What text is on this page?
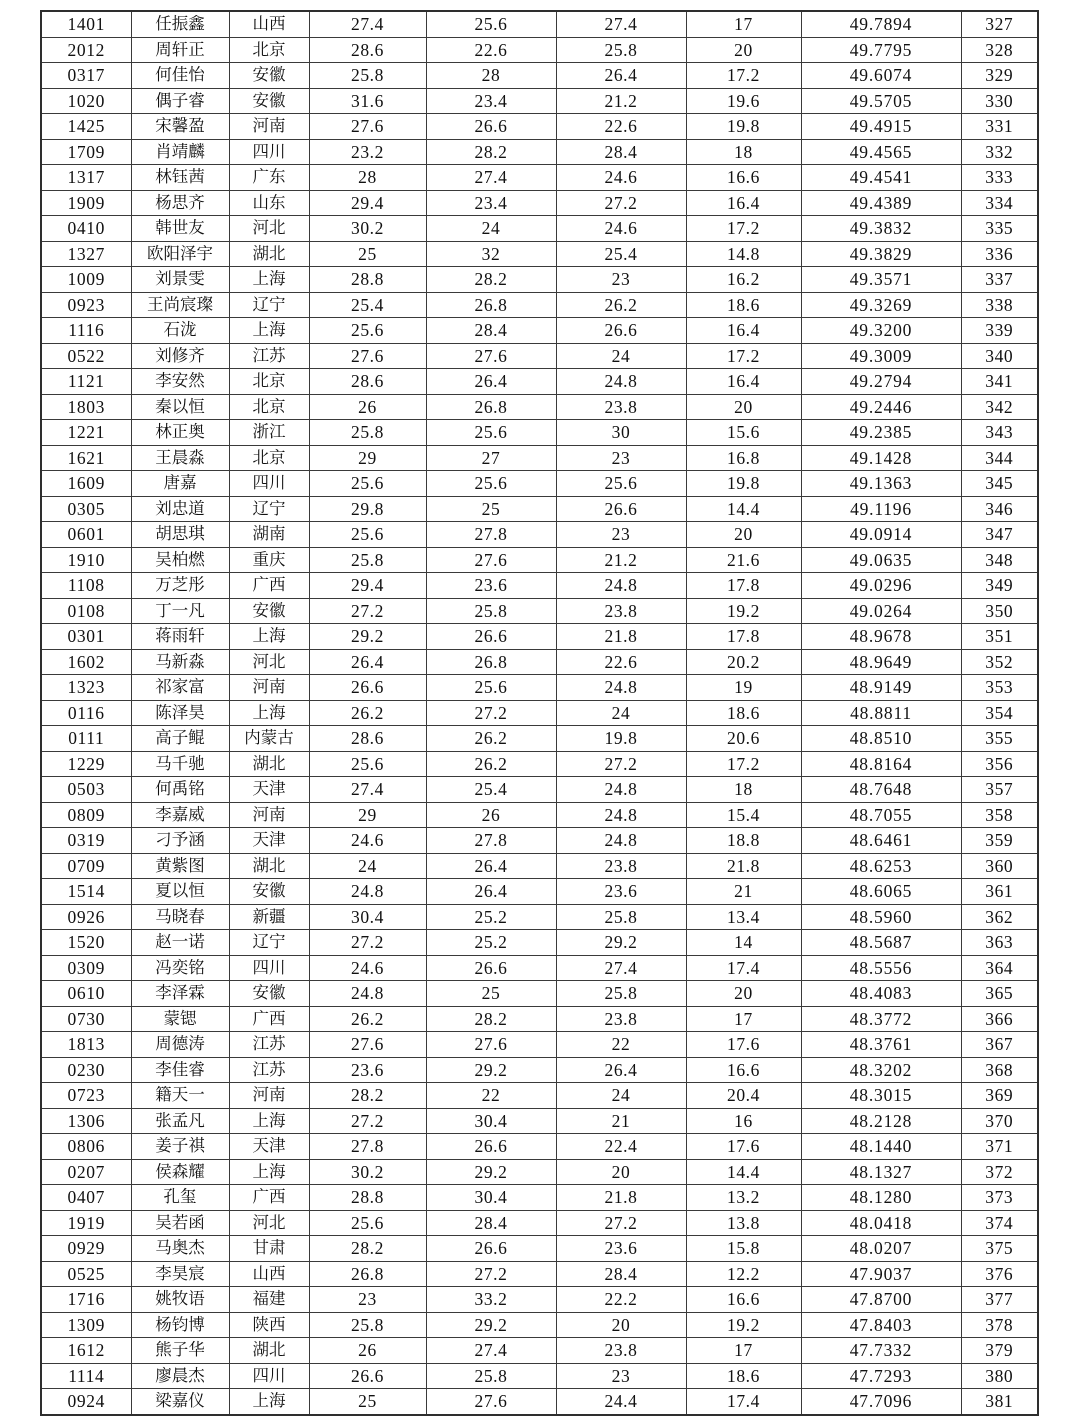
1401	任振鑫	山西	27.4	25.6	27.4	17	49.7894	327
2012	周轩正	北京	28.6	22.6	25.8	20	49.7795	328
0317	何佳怡	安徽	25.8	28	26.4	17.2	49.6074	329
1020	偶子睿	安徽	31.6	23.4	21.2	19.6	49.5705	330
1425	宋馨盈	河南	27.6	26.6	22.6	19.8	49.4915	331
1709	肖靖麟	四川	23.2	28.2	28.4	18	49.4565	332
1317	林钰茜	广东	28	27.4	24.6	16.6	49.4541	333
1909	杨思齐	山东	29.4	23.4	27.2	16.4	49.4389	334
0410	韩世友	河北	30.2	24	24.6	17.2	49.3832	335
1327	欧阳泽宇	湖北	25	32	25.4	14.8	49.3829	336
1009	刘景雯	上海	28.8	28.2	23	16.2	49.3571	337
0923	王尚宸璨	辽宁	25.4	26.8	26.2	18.6	49.3269	338
1116	石泷	上海	25.6	28.4	26.6	16.4	49.3200	339
0522	刘修齐	江苏	27.6	27.6	24	17.2	49.3009	340
1121	李安然	北京	28.6	26.4	24.8	16.4	49.2794	341
1803	秦以恒	北京	26	26.8	23.8	20	49.2446	342
1221	林正奥	浙江	25.8	25.6	30	15.6	49.2385	343
1621	王晨淼	北京	29	27	23	16.8	49.1428	344
1609	唐嘉	四川	25.6	25.6	25.6	19.8	49.1363	345
0305	刘忠道	辽宁	29.8	25	26.6	14.4	49.1196	346
0601	胡思琪	湖南	25.6	27.8	23	20	49.0914	347
1910	吴柏燃	重庆	25.8	27.6	21.2	21.6	49.0635	348
1108	万芝彤	广西	29.4	23.6	24.8	17.8	49.0296	349
0108	丁一凡	安徽	27.2	25.8	23.8	19.2	49.0264	350
0301	蒋雨轩	上海	29.2	26.6	21.8	17.8	48.9678	351
1602	马新淼	河北	26.4	26.8	22.6	20.2	48.9649	352
1323	祁家富	河南	26.6	25.6	24.8	19	48.9149	353
0116	陈泽昊	上海	26.2	27.2	24	18.6	48.8811	354
0111	高子鲲	内蒙古	28.6	26.2	19.8	20.6	48.8510	355
1229	马千驰	湖北	25.6	26.2	27.2	17.2	48.8164	356
0503	何禹铭	天津	27.4	25.4	24.8	18	48.7648	357
0809	李嘉威	河南	29	26	24.8	15.4	48.7055	358
0319	刁予涵	天津	24.6	27.8	24.8	18.8	48.6461	359
0709	黄紫图	湖北	24	26.4	23.8	21.8	48.6253	360
1514	夏以恒	安徽	24.8	26.4	23.6	21	48.6065	361
0926	马晓春	新疆	30.4	25.2	25.8	13.4	48.5960	362
1520	赵一诺	辽宁	27.2	25.2	29.2	14	48.5687	363
0309	冯奕铭	四川	24.6	26.6	27.4	17.4	48.5556	364
0610	李泽霖	安徽	24.8	25	25.8	20	48.4083	365
0730	蒙锶	广西	26.2	28.2	23.8	17	48.3772	366
1813	周德涛	江苏	27.6	27.6	22	17.6	48.3761	367
0230	李佳睿	江苏	23.6	29.2	26.4	16.6	48.3202	368
0723	籍天一	河南	28.2	22	24	20.4	48.3015	369
1306	张孟凡	上海	27.2	30.4	21	16	48.2128	370
0806	姜子祺	天津	27.8	26.6	22.4	17.6	48.1440	371
0207	侯森耀	上海	30.2	29.2	20	14.4	48.1327	372
0407	孔玺	广西	28.8	30.4	21.8	13.2	48.1280	373
1919	吴若函	河北	25.6	28.4	27.2	13.8	48.0418	374
0929	马奥杰	甘肃	28.2	26.6	23.6	15.8	48.0207	375
0525	李昊宸	山西	26.8	27.2	28.4	12.2	47.9037	376
1716	姚牧语	福建	23	33.2	22.2	16.6	47.8700	377
1309	杨钧博	陕西	25.8	29.2	20	19.2	47.8403	378
1612	熊子华	湖北	26	27.4	23.8	17	47.7332	379
1114	廖晨杰	四川	26.6	25.8	23	18.6	47.7293	380
0924	梁嘉仪	上海	25	27.6	24.4	17.4	47.7096	381
